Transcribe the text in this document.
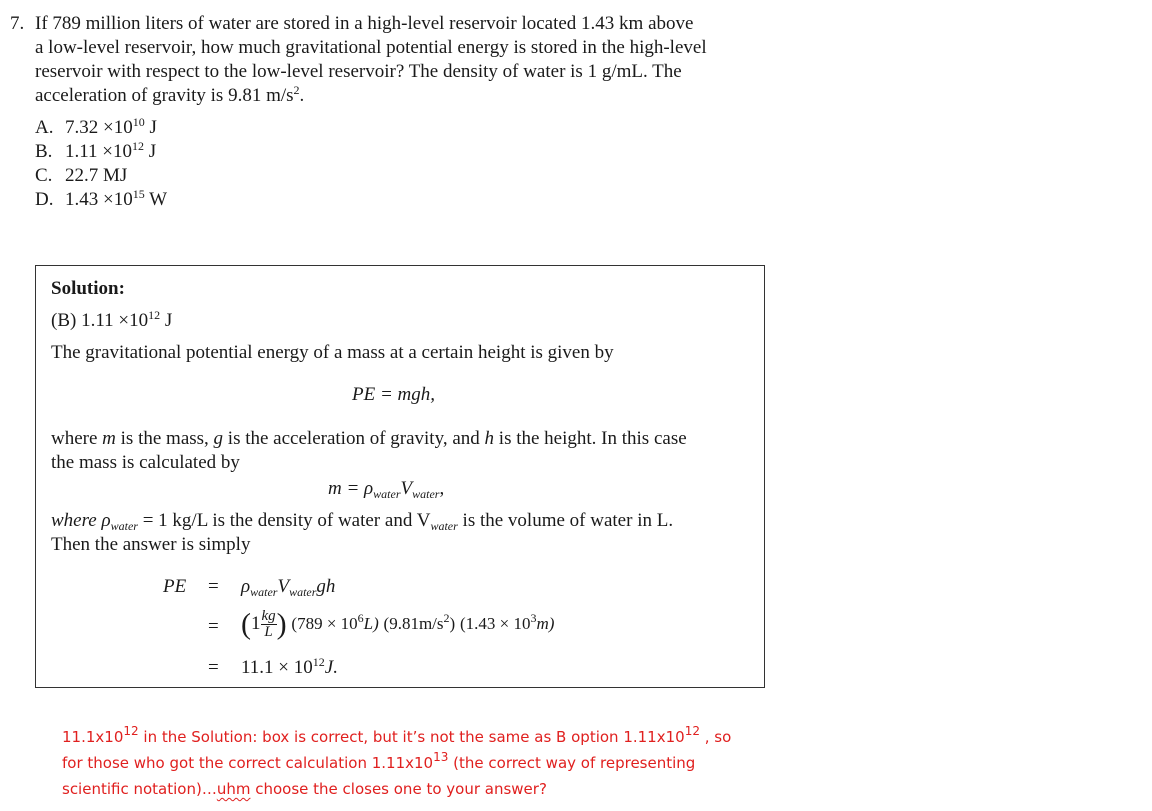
7. If 789 million liters of water are stored in a high-level reservoir located 1.43 km above
a low-level reservoir, how much gravitational potential energy is stored in the high-level
reservoir with respect to the low-level reservoir? The density of water is 1 g/mL. The
acceleration of gravity is 9.81 $m/s^2$.
A. $7.32 \times 10^{10}$ J
B. $1.11 \times 10^{12}$ J
C. 22.7 MJ
D. $1.43 \times 10^{15}$ W
Solution:
(B) $1.11 \times 10^{12}$ J
The gravitational potential energy of a mass at a certain height is given by
PE = mgh,
where m is the mass, g is the acceleration of gravity, and h is the height. In this case
the mass is calculated by
$m = \rho_{water}V_{water}$,
where $\rho_{water} = 1$ kg/L is the density of water and $V_{water}$ is the volume of water in L.
Then the answer is simply
PE = $\rho_{water}V_{water}gh$
= ($1 \frac{kg}{L}$ ) $(789 \times 10^6L)$ $(9.81m/s^2) (1.43 \times 10^3m)$
= $11.1 \times 10^{12}J$.
$11.1x10^{12}$ in the Solution: box is correct, but it’s not the same as B option $1.11x10^{12}$ , so
for those who got the correct calculation $1.11x10^{13}$ (the correct way of representing
scientific notation)…uhm choose the closes one to your answer?
